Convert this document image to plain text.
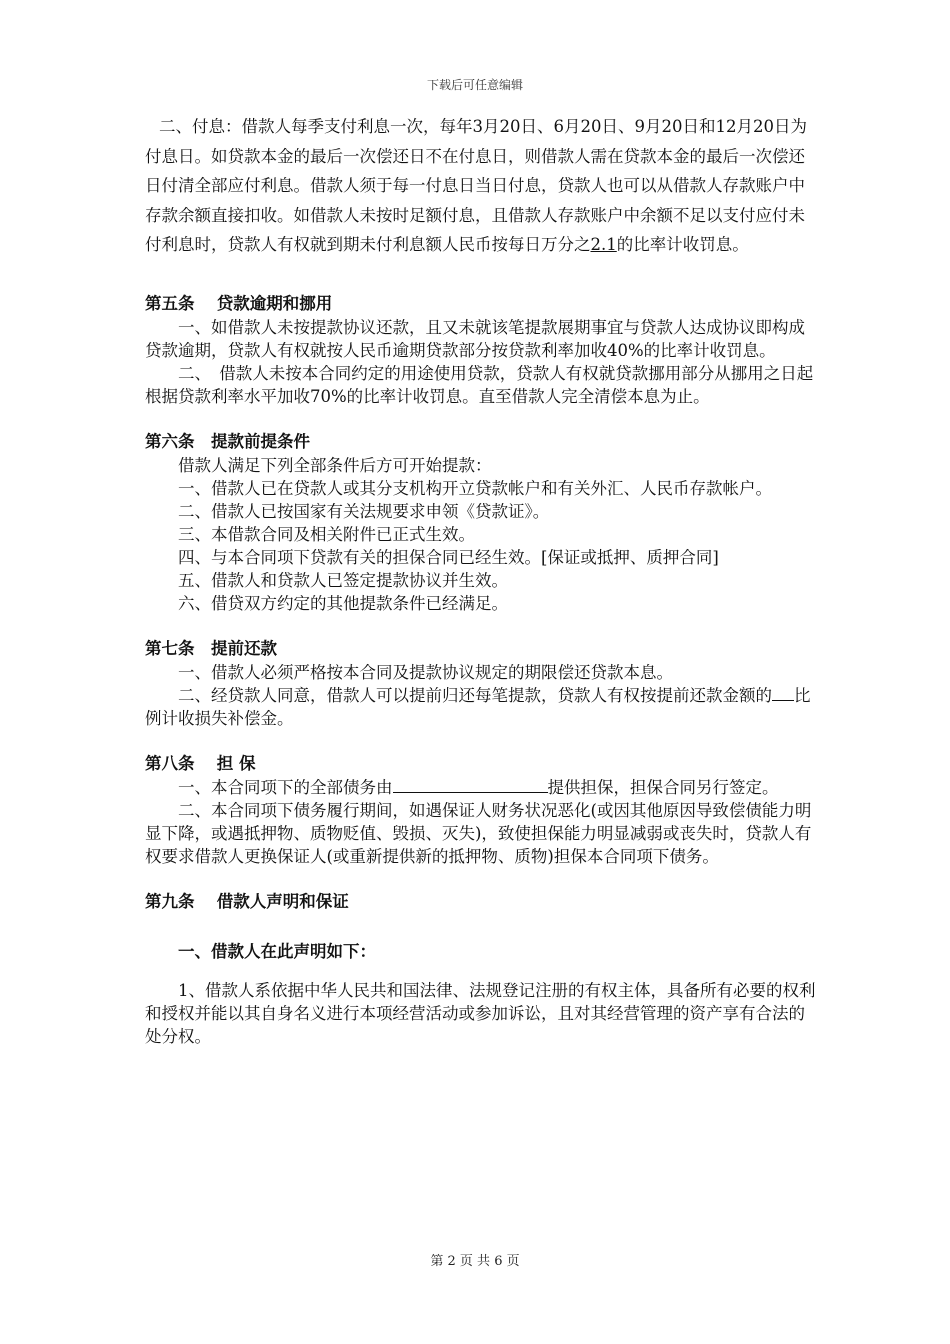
下载后可任意编辑

二、付息：借款人每季支付利息一次，每年3月20日、6月20日、9月20日和12月20日为付息日。如贷款本金的最后一次偿还日不在付息日，则借款人需在贷款本金的最后一次偿还日付清全部应付利息。借款人须于每一付息日当日付息，贷款人也可以从借款人存款账户中存款余额直接扣收。如借款人未按时足额付息，且借款人存款账户中余额不足以支付应付未付利息时，贷款人有权就到期未付利息额人民币按每日万分之2.1的比率计收罚息。

第五条　 贷款逾期和挪用

一、如借款人未按提款协议还款，且又未就该笔提款展期事宜与贷款人达成协议即构成贷款逾期，贷款人有权就按人民币逾期贷款部分按贷款利率加收40%的比率计收罚息。

二、　借款人未按本合同约定的用途使用贷款，贷款人有权就贷款挪用部分从挪用之日起根据贷款利率水平加收70%的比率计收罚息。直至借款人完全清偿本息为止。

第六条　提款前提条件

借款人满足下列全部条件后方可开始提款：

一、借款人已在贷款人或其分支机构开立贷款帐户和有关外汇、人民币存款帐户。

二、借款人已按国家有关法规要求申领《贷款证》。

三、本借款合同及相关附件已正式生效。

四、与本合同项下贷款有关的担保合同已经生效。[保证或抵押、质押合同]

五、借款人和贷款人已签定提款协议并生效。

六、借贷双方约定的其他提款条件已经满足。

第七条　提前还款

一、借款人必须严格按本合同及提款协议规定的期限偿还贷款本息。

二、经贷款人同意，借款人可以提前归还每笔提款，贷款人有权按提前还款金额的 比例计收损失补偿金。

第八条　 担 保

一、本合同项下的全部债务由	提供担保，担保合同另行签定。

二、本合同项下债务履行期间，如遇保证人财务状况恶化(或因其他原因导致偿债能力明显下降，或遇抵押物、质物贬值、毁损、灭失)，致使担保能力明显减弱或丧失时，贷款人有权要求借款人更换保证人(或重新提供新的抵押物、质物)担保本合同项下债务。

第九条　 借款人声明和保证

一、借款人在此声明如下：

1、借款人系依据中华人民共和国法律、法规登记注册的有权主体，具备所有必要的权利和授权并能以其自身名义进行本项经营活动或参加诉讼，且对其经营管理的资产享有合法的处分权。

第 2 页 共 6 页
